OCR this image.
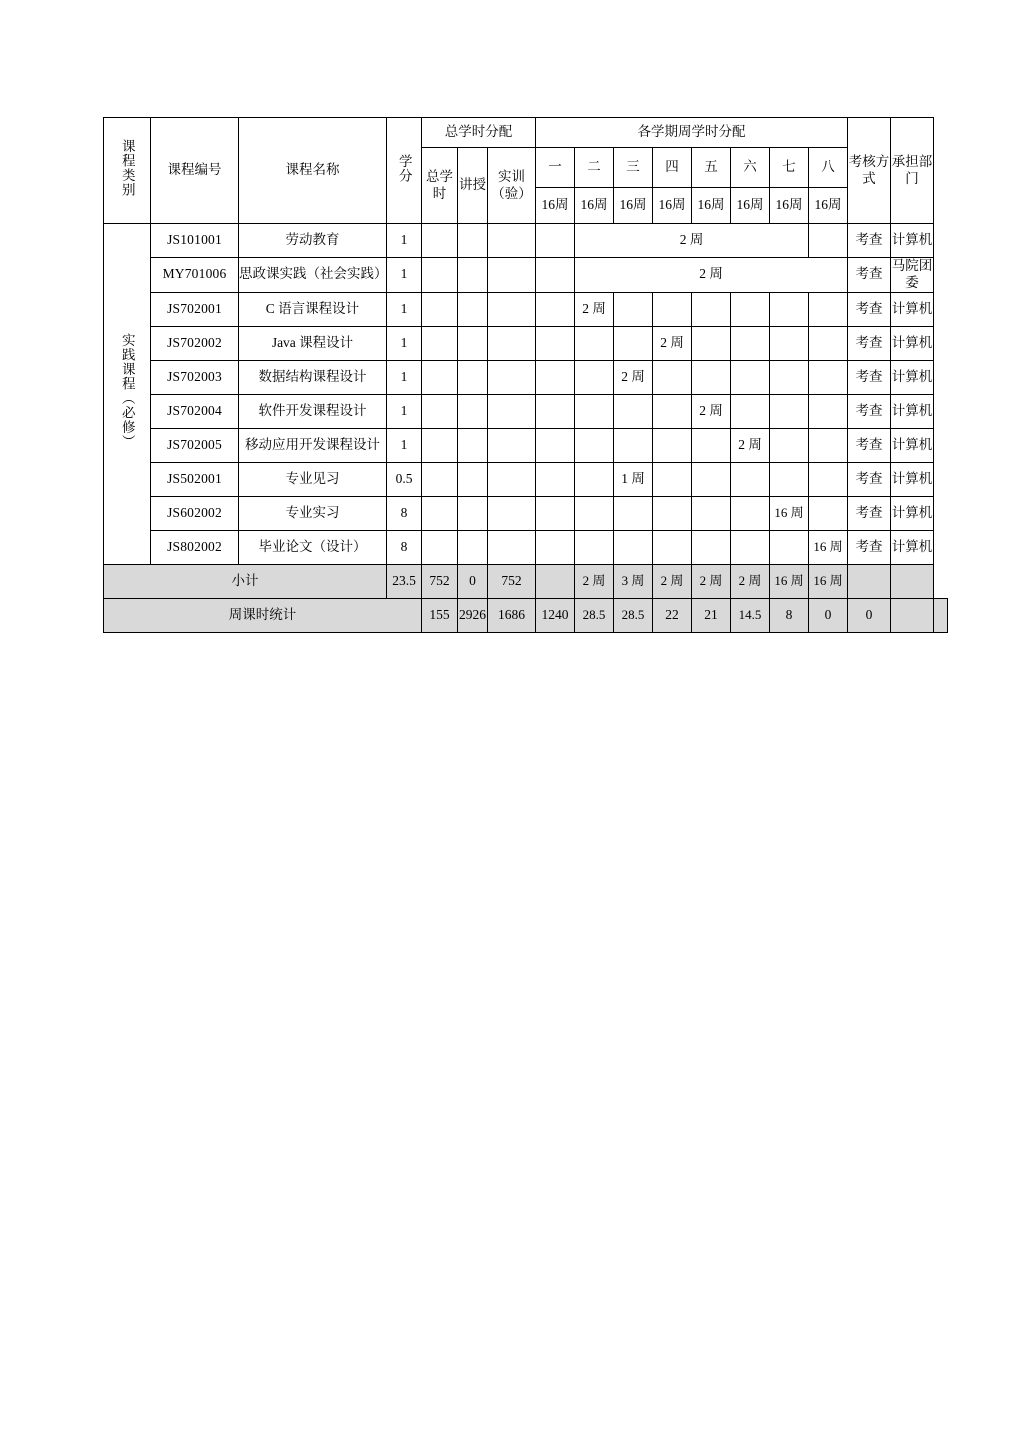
课程类别	课程编号	课程名称	学分	总学时分配			各学期周学时分配								考核方式	承担部门	
				总学时	讲授	实训（验）	一	二	三	四	五	六	七	八			
							16周	16周	16周	16周	16周	16周	16周	16周			
实践课程（必修）	JS101001	劳动教育	1					2 周							考查	计算机	
	MY701006	思政课实践（社会实践）	1					2 周							考查	马院团委	
	JS702001	C 语言课程设计	1					2 周							考查	计算机	
	JS702002	Java 课程设计	1							2 周					考查	计算机	
	JS702003	数据结构课程设计	1						2 周						考查	计算机	
	JS702004	软件开发课程设计	1								2 周				考查	计算机	
	JS702005	移动应用开发课程设计	1									2 周			考查	计算机	
	JS502001	专业见习	0.5						1 周						考查	计算机	
	JS602002	专业实习	8										16 周		考查	计算机	
	JS802002	毕业论文（设计）	8											16 周	考查	计算机	
小计			23.5	752	0	752		2 周	3 周	2 周	2 周	2 周	16 周	16 周			
周课时统计				155	2926	1686	1240	28.5	28.5	22	21	14.5	8	0	0		
